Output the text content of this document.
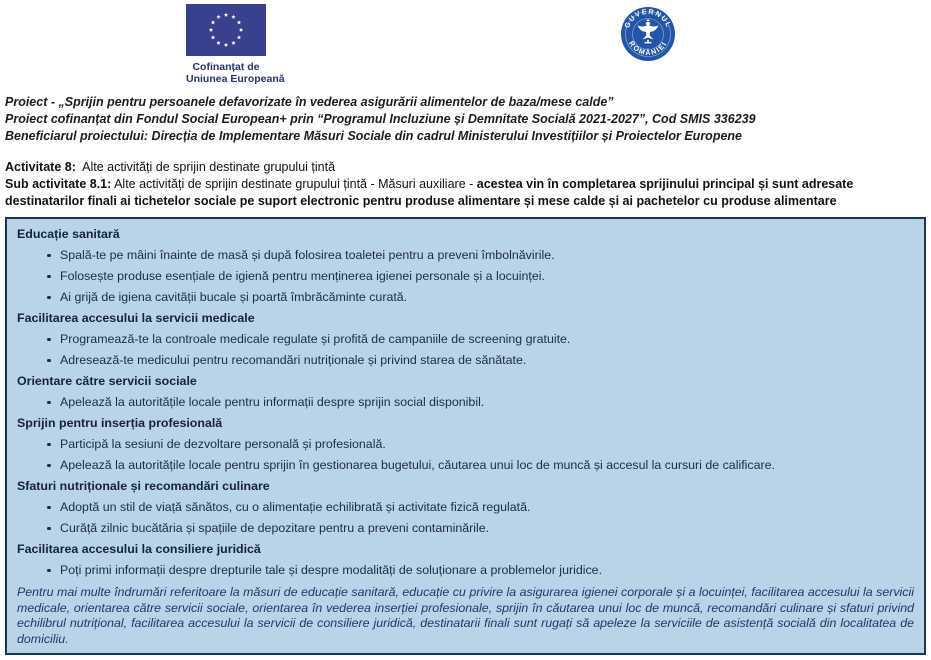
Cofinanțat de
Uniunea Europeană
GUVERNUL
ROMÂNIEI
Proiect - „Sprijin pentru persoanele defavorizate în vederea asigurării alimentelor de baza/mese calde”
Proiect cofinanțat din Fondul Social European+ prin “Programul Incluziune și Demnitate Socială 2021-2027”, Cod SMIS 336239
Beneficiarul proiectului: Direcția de Implementare Măsuri Sociale din cadrul Ministerului Investițiilor și Proiectelor Europene

Activitate 8: Alte activități de sprijin destinate grupului țintă

Sub activitate 8.1: Alte activități de sprijin destinate grupului țintă - Măsuri auxiliare - acestea vin în completarea sprijinului principal și sunt adresate destinatarilor finali ai tichetelor sociale pe suport electronic pentru produse alimentare și mese calde și ai pachetelor cu produse alimentare

Educație sanitară
Spală-te pe mâini înainte de masă și după folosirea toaletei pentru a preveni îmbolnăvirile.
Folosește produse esențiale de igienă pentru menținerea igienei personale și a locuinței.
Ai grijă de igiena cavității bucale și poartă îmbrăcăminte curată.
Facilitarea accesului la servicii medicale
Programează-te la controale medicale regulate și profită de campaniile de screening gratuite.
Adresează-te medicului pentru recomandări nutriționale și privind starea de sănătate.
Orientare către servicii sociale
Apelează la autoritățile locale pentru informații despre sprijin social disponibil.
Sprijin pentru inserția profesională
Participă la sesiuni de dezvoltare personală și profesională.
Apelează la autoritățile locale pentru sprijin în gestionarea bugetului, căutarea unui loc de muncă și accesul la cursuri de calificare.
Sfaturi nutriționale și recomandări culinare
Adoptă un stil de viață sănătos, cu o alimentație echilibrată și activitate fizică regulată.
Curăță zilnic bucătăria și spațiile de depozitare pentru a preveni contaminările.
Facilitarea accesului la consiliere juridică
Poți primi informații despre drepturile tale și despre modalități de soluționare a problemelor juridice.

Pentru mai multe îndrumări referitoare la măsuri de educație sanitară, educație cu privire la asigurarea igienei corporale și a locuinței, facilitarea accesului la servicii medicale, orientarea către servicii sociale, orientarea în vederea inserției profesionale, sprijin în căutarea unui loc de muncă, recomandări culinare și sfaturi privind echilibrul nutrițional, facilitarea accesului la servicii de consiliere juridică, destinatarii finali sunt rugați să apeleze la serviciile de asistență socială din localitatea de domiciliu.
